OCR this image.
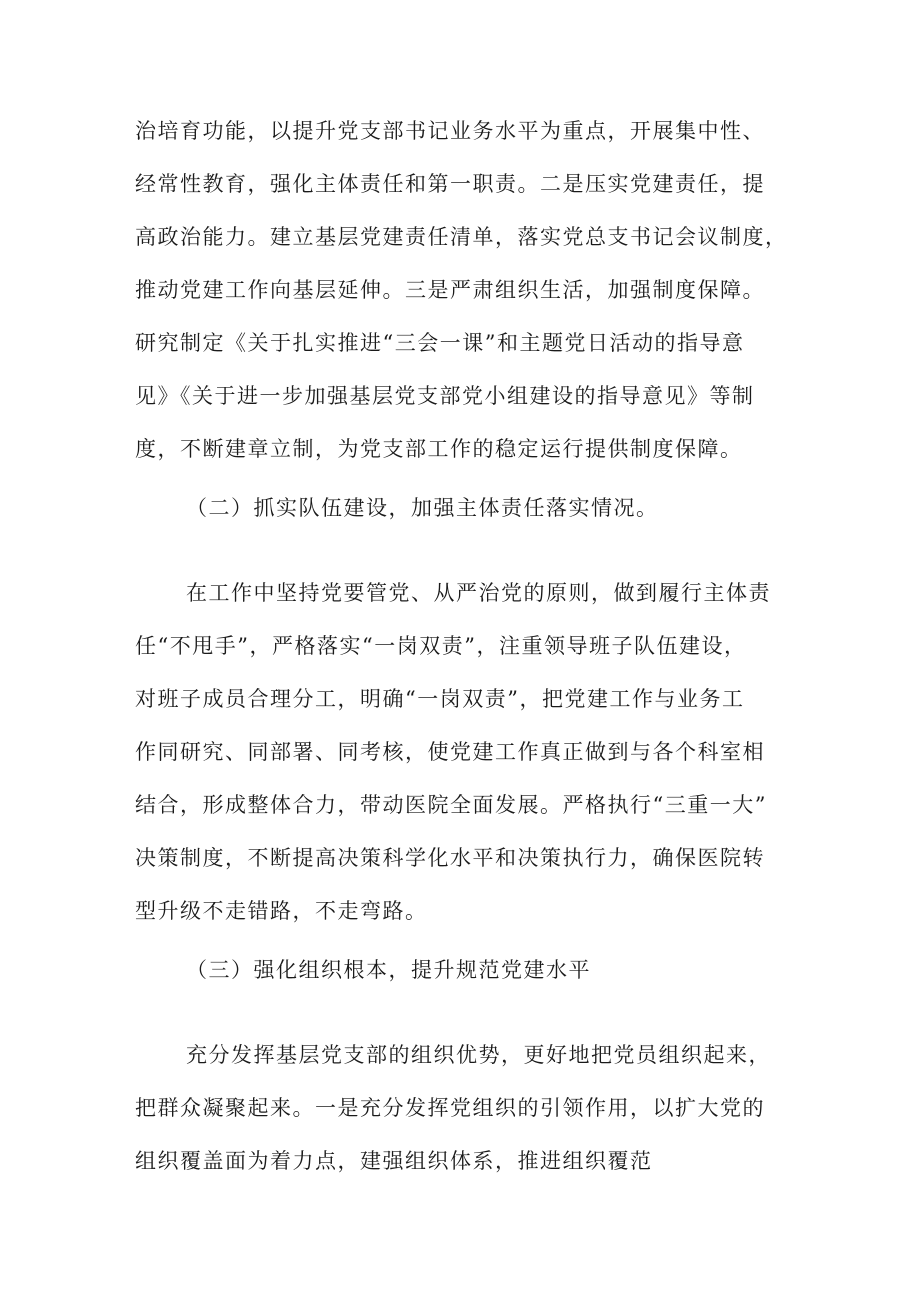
治培育功能，以提升党支部书记业务水平为重点，开展集中性、
经常性教育，强化主体责任和第一职责。二是压实党建责任，提
高政治能力。建立基层党建责任清单，落实党总支书记会议制度，
推动党建工作向基层延伸。三是严肃组织生活，加强制度保障。
研究制定《关于扎实推进“三会一课”和主题党日活动的指导意
见》《关于进一步加强基层党支部党小组建设的指导意见》等制
度，不断建章立制，为党支部工作的稳定运行提供制度保障。
（二）抓实队伍建设，加强主体责任落实情况。
在工作中坚持党要管党、从严治党的原则，做到履行主体责
任“不甩手”，严格落实“一岗双责”，注重领导班子队伍建设，
对班子成员合理分工，明确“一岗双责”，把党建工作与业务工
作同研究、同部署、同考核，使党建工作真正做到与各个科室相
结合，形成整体合力，带动医院全面发展。严格执行“三重一大”
决策制度，不断提高决策科学化水平和决策执行力，确保医院转
型升级不走错路，不走弯路。
（三）强化组织根本，提升规范党建水平
充分发挥基层党支部的组织优势，更好地把党员组织起来，
把群众凝聚起来。一是充分发挥党组织的引领作用，以扩大党的
组织覆盖面为着力点，建强组织体系，推进组织覆范
